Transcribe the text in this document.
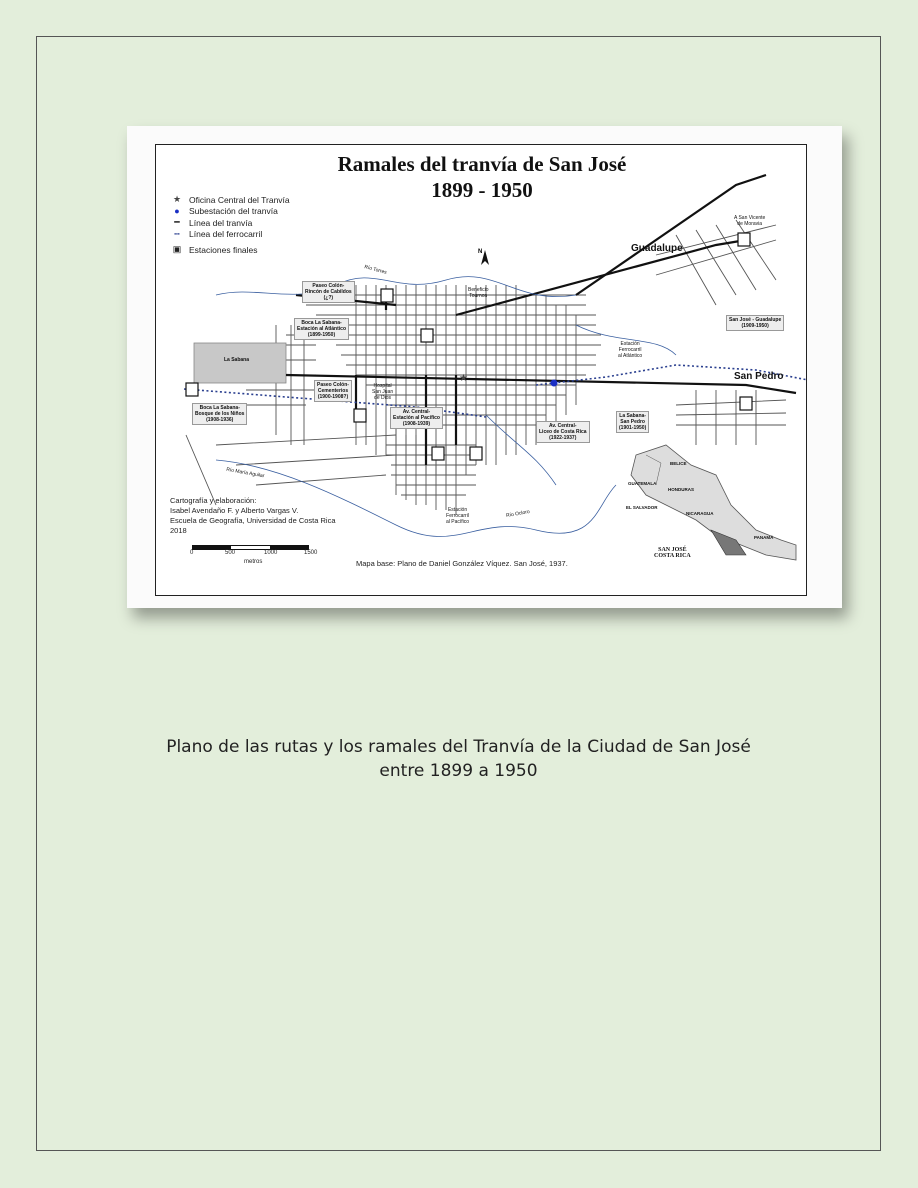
★
Ramales del tranvía de San José
1899 - 1950
★ Oficina Central del Tranvía
●	Subestación del tranvía
━	Línea del tranvía
┅	Línea del ferrocarril
▣ Estaciones finales	N	Guadalupe
San Pedro
La Sabana
Paseo Colón-
Rincón de Cabildos
(¿?)
Boca La Sabana-
Estación al Atlántico
(1899-1950)
Boca La Sabana-
Bosque de los Niños
(1908-1936)
Paseo Colón-
Cementerios
(1900-1908?)
Av. Central-
Estación al Pacífico
(1908-1939)	Av. Central-
Liceo de Costa Rica
(1922-1937)
La Sabana-
San Pedro
(1901-1950)
San José - Guadalupe
(1909-1950)
A San Vicente
de Moravia
Beneficio
Tournon
Estación
Ferrocarril
al Atlántico
Estación
Ferrocarril
al Pacífico
Hospital
San Juan
de Dios
Río Torres
Río María Aguilar
Río Ocloro
BELICE
GUATEMALA
HONDURAS
EL SALVADOR
NICARAGUA
PANAMÁ
SAN JOSÉ
COSTA RICA
Cartografía y elaboración:
Isabel Avendaño F. y Alberto Vargas V.
Escuela de Geografía, Universidad de Costa Rica
2018
0	500	1000	1500
metros	Mapa base: Plano de Daniel González Víquez. San José, 1937.
Plano de las rutas y los ramales del Tranvía de la Ciudad de San José
entre 1899 a 1950
